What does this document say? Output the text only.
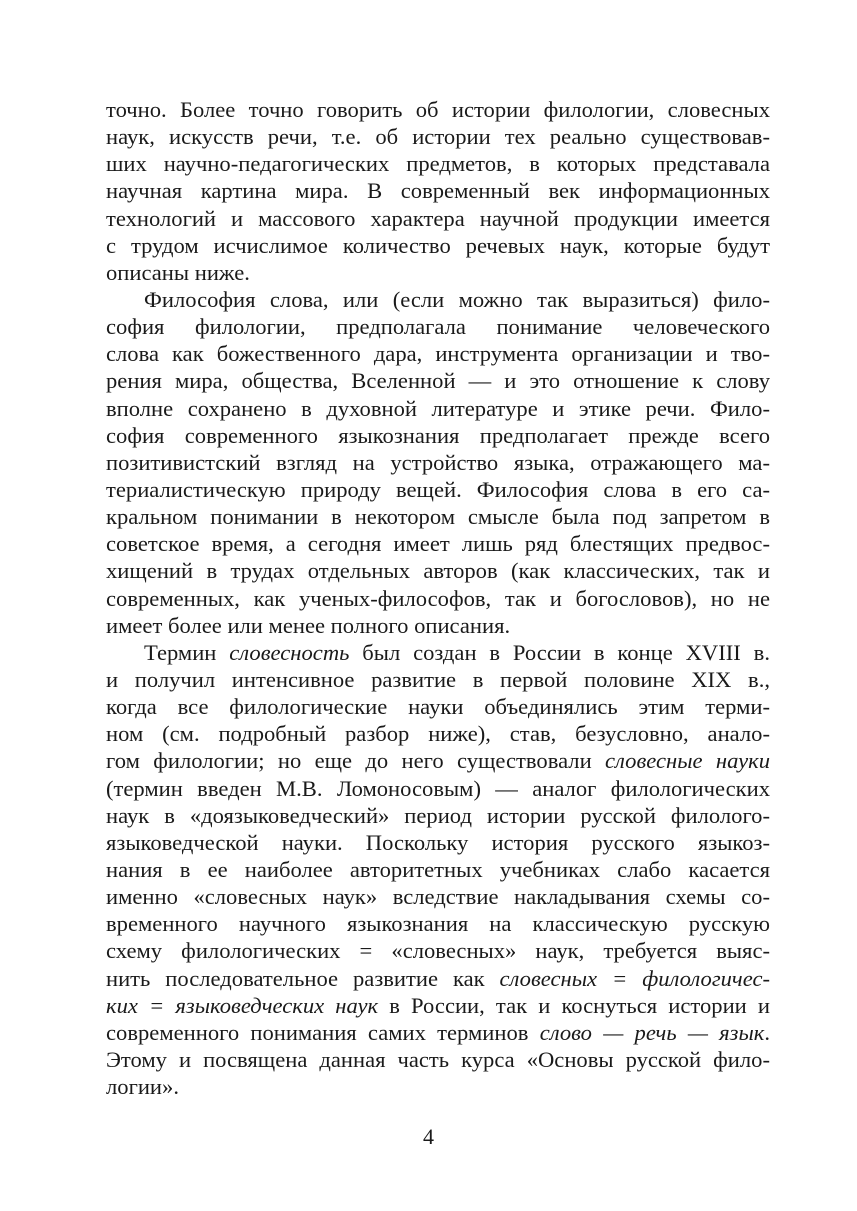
точно. Более точно говорить об истории филологии, словесных
наук, искусств речи, т.е. об истории тех реально существовав-
ших научно-педагогических предметов, в которых представала
научная картина мира. В современный век информационных
технологий и массового характера научной продукции имеется
с трудом исчислимое количество речевых наук, которые будут
описаны ниже.
Философия слова, или (если можно так выразиться) фило-
софия филологии, предполагала понимание человеческого
слова как божественного дара, инструмента организации и тво-
рения мира, общества, Вселенной — и это отношение к слову
вполне сохранено в духовной литературе и этике речи. Фило-
софия современного языкознания предполагает прежде всего
позитивистский взгляд на устройство языка, отражающего ма-
териалистическую природу вещей. Философия слова в его са-
кральном понимании в некотором смысле была под запретом в
советское время, а сегодня имеет лишь ряд блестящих предвос-
хищений в трудах отдельных авторов (как классических, так и
современных, как ученых-философов, так и богословов), но не
имеет более или менее полного описания.
Термин словесность был создан в России в конце XVIII в.
и получил интенсивное развитие в первой половине XIX в.,
когда все филологические науки объединялись этим терми-
ном (см. подробный разбор ниже), став, безусловно, анало-
гом филологии; но еще до него существовали словесные науки
(термин введен М.В. Ломоносовым) — аналог филологических
наук в «доязыковедческий» период истории русской филолого-
языковедческой науки. Поскольку история русского языкоз-
нания в ее наиболее авторитетных учебниках слабо касается
именно «словесных наук» вследствие накладывания схемы со-
временного научного языкознания на классическую русскую
схему филологических = «словесных» наук, требуется выяс-
нить последовательное развитие как словесных = филологичес-
ких = языковедческих наук в России, так и коснуться истории и
современного понимания самих терминов слово — речь — язык.
Этому и посвящена данная часть курса «Основы русской фило-
логии».
4
